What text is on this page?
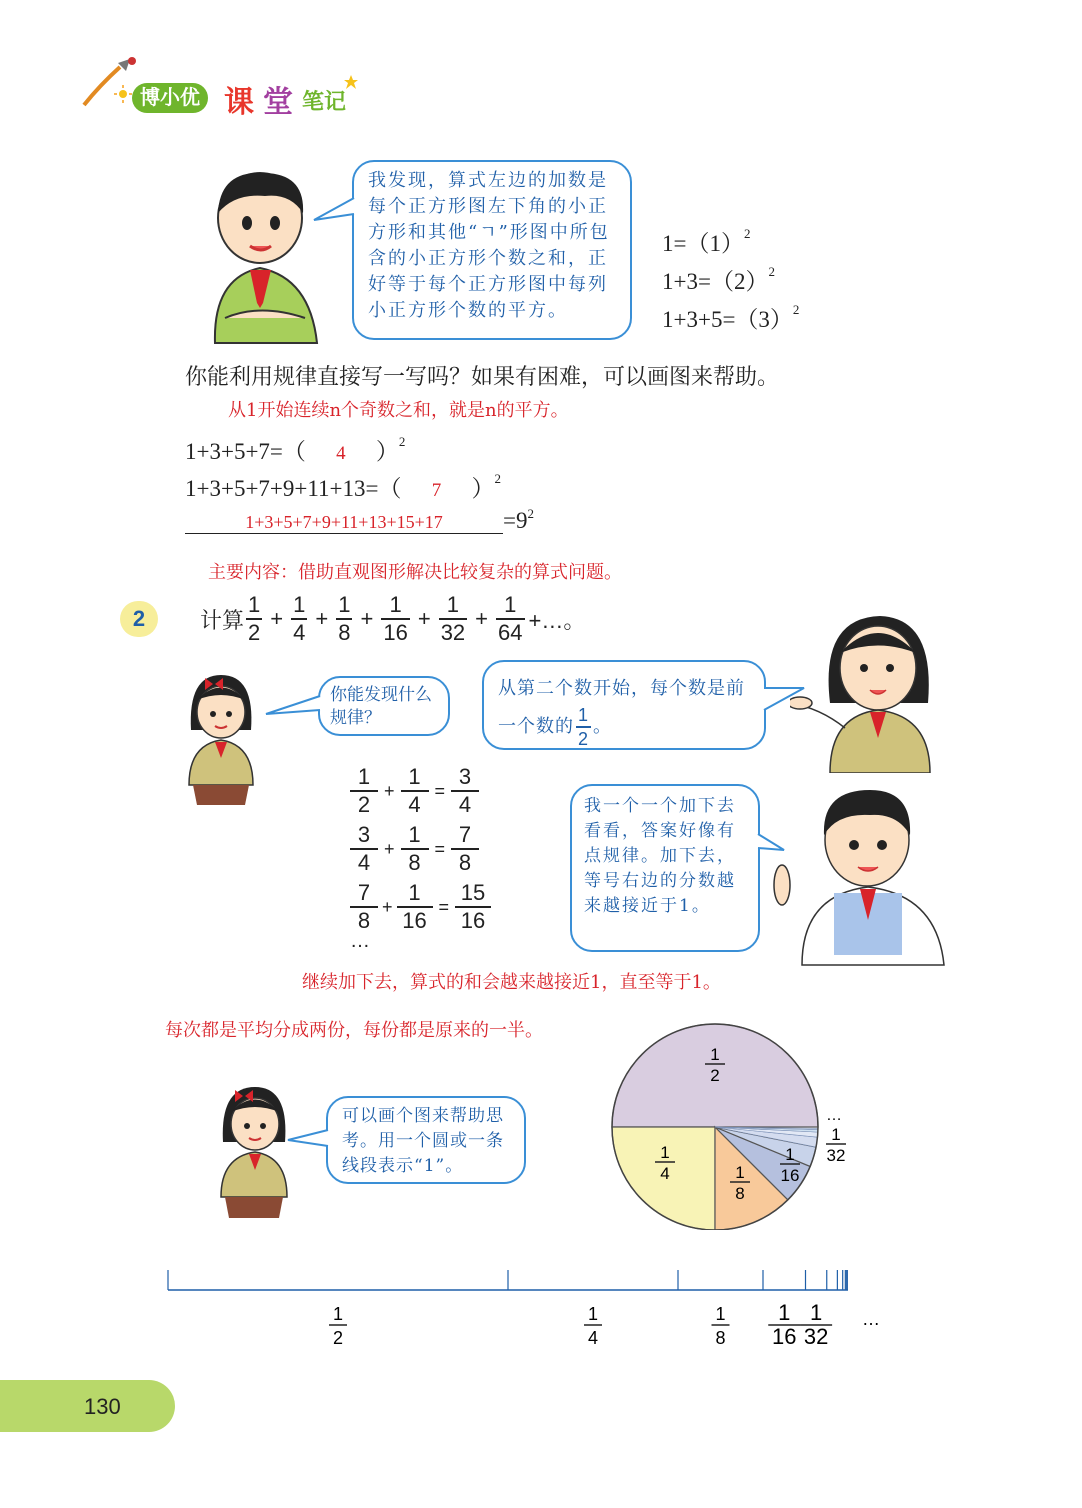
博小优 课 堂 笔记
我发现，算式左边的加数是每个正方形图左下角的小正方形和其他“ㄱ”形图中所包含的小正方形个数之和，正好等于每个正方形图中每列小正方形个数的平方。
$1=(1)^2$
$1+3=(2)^2$
$1+3+5=(3)^2$
你能利用规律直接写一写吗？如果有困难，可以画图来帮助。
从1开始连续n个奇数之和，就是n的平方。
1+3+5+7=（ 4 ）$^2$
1+3+5+7+9+11+13=（ 7 ）$^2$
1+3+5+7+9+11+13+15+17	$=9^2$
主要内容：借助直观图形解决比较复杂的算式问题。
2	计算 $\frac{1}{2} + \frac{1}{4} + \frac{1}{8} + \frac{1}{16} + \frac{1}{32} + \frac{1}{64}$ +…。
你能发现什么规律？
从第二个数开始，每个数是前一个数的 $\frac{1}{2}$ 。
$\frac{1}{2} + \frac{1}{4} = \frac{3}{4}$
$\frac{3}{4} + \frac{1}{8} = \frac{7}{8}$
$\frac{7}{8} + \frac{1}{16} = \frac{15}{16}$
…
我一个一个加下去看看，答案好像有点规律。加下去，等号右边的分数越来越接近于1。
继续加下去，算式的和会越来越接近1，直至等于1。
每次都是平均分成两份，每份都是原来的一半。
可以画个图来帮助思考。用一个圆或一条线段表示“1”。
1
2
1
4	1
8
1
16
1
32
…
1
2
1
4
1
8
1
16
1
32
…
130
